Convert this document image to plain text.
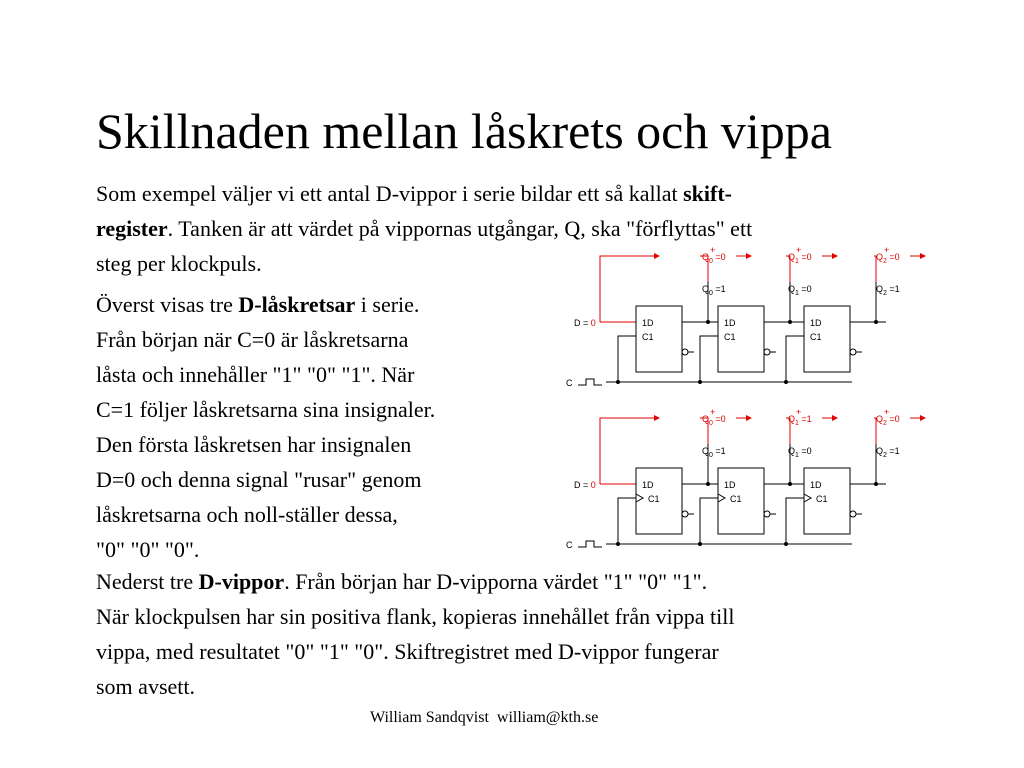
Skillnaden mellan låskrets och vippa

Som exempel väljer vi ett antal D-vippor i serie bildar ett så kallat skift-
register. Tanken är att värdet på vippornas utgångar, Q, ska "förflyttas" ett
steg per klockpuls.

Överst visas tre D-låskretsar i serie.
Från början när C=0 är låskretsarna
låsta och innehåller "1" "0" "1". När
C=1 följer låskretsarna sina insignaler.
Den första låskretsen har insignalen
D=0 och denna signal "rusar" genom
låskretsarna och noll-ställer dessa,
"0" "0" "0".

Nederst tre D-vippor. Från början har D-vipporna värdet "1" "0" "1".
När klockpulsen har sin positiva flank, kopieras innehållet från vippa till
vippa, med resultatet "0" "1" "0". Skiftregistret med D-vippor fungerar
som avsett.

D = 0
C
1D
C1
$Q_0 =1$
$Q_0 =0$
+
1D
C1
$Q_1 =0$
$Q_1 =0$
+
1D
C1
$Q_2 =1$
$Q_2 =0$
+
D = 0
C
1D
C1
$Q_0 =1$
$Q_0 =0$
+
1D
C1
$Q_1 =0$
$Q_1 =1$
+
1D
C1
$Q_2 =1$
$Q_2 =0$
+
William Sandqvist william@kth.se
